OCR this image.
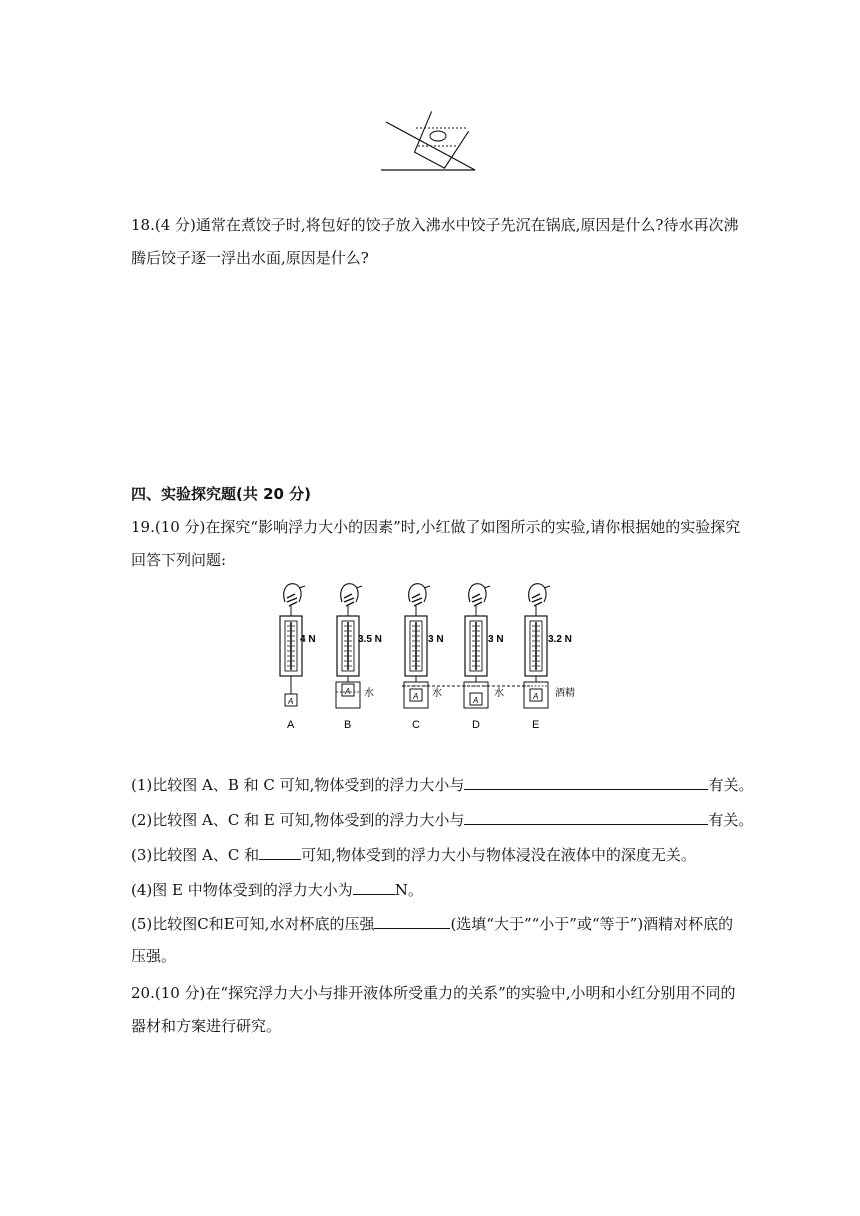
18.(4 分)通常在煮饺子时,将包好的饺子放入沸水中饺子先沉在锅底,原因是什么?待水再次沸
腾后饺子逐一浮出水面,原因是什么?
四、实验探究题(共 20 分)
19.(10 分)在探究“影响浮力大小的因素”时,小红做了如图所示的实验,请你根据她的实验探究
回答下列问题:
4 N
A
3.5 N
A 水
3 N
A 水
3 N
A
水
3.2 N
A 酒精
A	B	C	D	E
(1)比较图 A、B 和 C 可知,物体受到的浮力大小与	有关。
(2)比较图 A、C 和 E 可知,物体受到的浮力大小与	有关。
(3)比较图 A、C 和	可知,物体受到的浮力大小与物体浸没在液体中的深度无关。
(4)图 E 中物体受到的浮力大小为	N。
(5)比较图C和E可知,水对杯底的压强	(选填“大于”“小于”或“等于”)酒精对杯底的
压强。
20.(10 分)在“探究浮力大小与排开液体所受重力的关系”的实验中,小明和小红分别用不同的
器材和方案进行研究。
